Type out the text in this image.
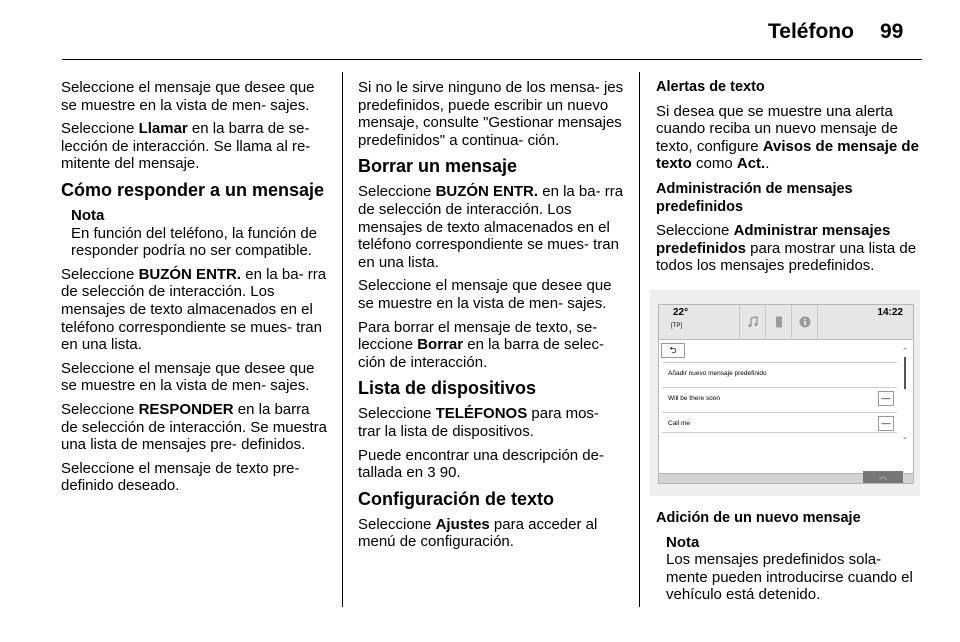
Teléfono 99

Seleccione el mensaje que desee que se muestre en la vista de men- sajes.

Seleccione Llamar en la barra de se- lección de interacción. Se llama al re- mitente del mensaje.

Cómo responder a un mensaje

Nota
En función del teléfono, la función de responder podría no ser compatible.

Seleccione BUZÓN ENTR. en la ba- rra de selección de interacción. Los mensajes de texto almacenados en el teléfono correspondiente se mues- tran en una lista.

Seleccione el mensaje que desee que se muestre en la vista de men- sajes.

Seleccione RESPONDER en la barra de selección de interacción. Se muestra una lista de mensajes pre- definidos.

Seleccione el mensaje de texto pre- definido deseado.

Si no le sirve ninguno de los mensa- jes predefinidos, puede escribir un nuevo mensaje, consulte "Gestionar mensajes predefinidos" a continua- ción.

Borrar un mensaje

Seleccione BUZÓN ENTR. en la ba- rra de selección de interacción. Los mensajes de texto almacenados en el teléfono correspondiente se mues- tran en una lista.

Seleccione el mensaje que desee que se muestre en la vista de men- sajes.

Para borrar el mensaje de texto, se- leccione Borrar en la barra de selec- ción de interacción.

Lista de dispositivos

Seleccione TELÉFONOS para mos- trar la lista de dispositivos.

Puede encontrar una descripción de- tallada en 3 90.

Configuración de texto

Seleccione Ajustes para acceder al menú de configuración.

Alertas de texto

Si desea que se muestre una alerta cuando reciba un nuevo mensaje de texto, configure Avisos de mensaje de texto como Act..

Administración de mensajes predefinidos

Seleccione Administrar mensajes predefinidos para mostrar una lista de todos los mensajes predefinidos.

22°
[TP]
14:22
⮌
Añadir nuevo mensaje predefinido
Will be there soon	—
Call me	—
⌃
⌄
︿

Adición de un nuevo mensaje

Nota
Los mensajes predefinidos sola- mente pueden introducirse cuando el vehículo está detenido.
